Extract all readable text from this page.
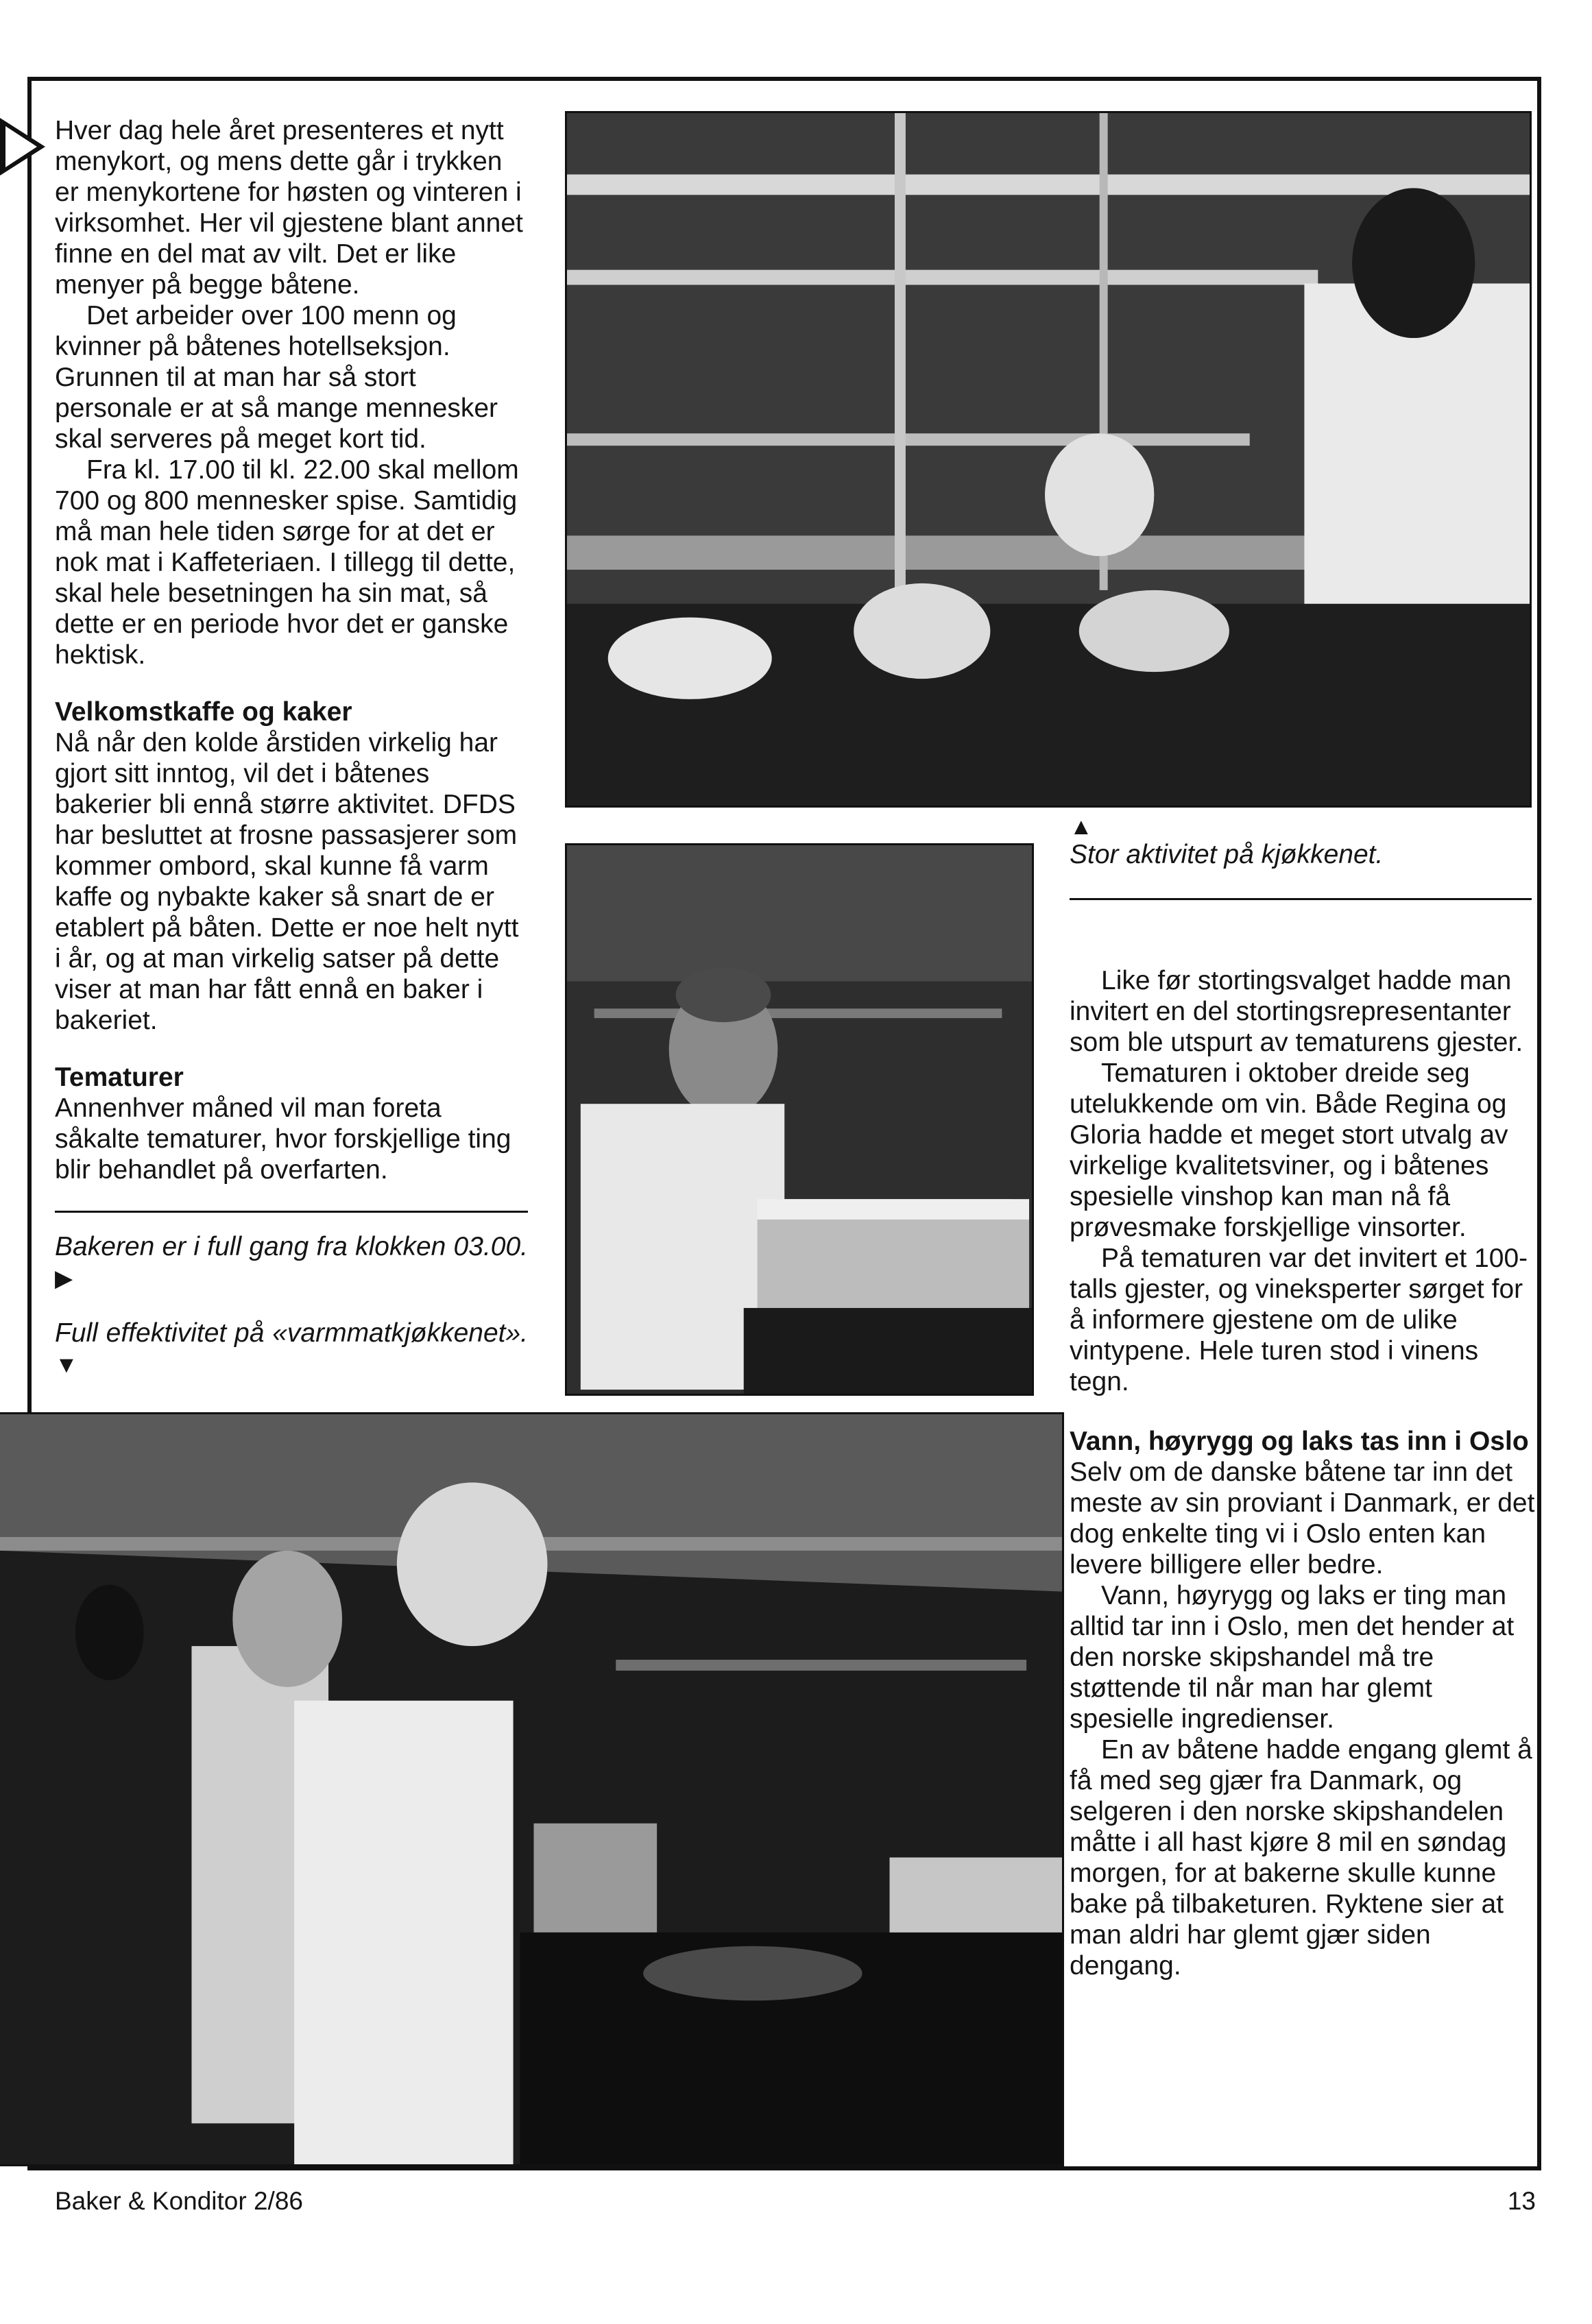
Hver dag hele året presenteres et nytt menykort, og mens dette går i trykken er menykortene for høsten og vinteren i virksomhet. Her vil gjestene blant annet finne en del mat av vilt. Det er like menyer på begge båtene.

Det arbeider over 100 menn og kvinner på båtenes hotellseksjon. Grunnen til at man har så stort personale er at så mange mennesker skal serveres på meget kort tid.

Fra kl. 17.00 til kl. 22.00 skal mellom 700 og 800 mennesker spise. Samtidig må man hele tiden sørge for at det er nok mat i Kaffeteriaen. I tillegg til dette, skal hele besetningen ha sin mat, så dette er en periode hvor det er ganske hektisk.

Velkomstkaffe og kaker

Nå når den kolde årstiden virkelig har gjort sitt inntog, vil det i båtenes bakerier bli ennå større aktivitet. DFDS har besluttet at frosne passasjerer som kommer ombord, skal kunne få varm kaffe og nybakte kaker så snart de er etablert på båten. Dette er noe helt nytt i år, og at man virkelig satser på dette viser at man har fått ennå en baker i bakeriet.

Tematurer

Annenhver måned vil man foreta såkalte tematurer, hvor forskjellige ting blir behandlet på overfarten.

Bakeren er i full gang fra klokken 03.00. ▶
Full effektivitet på «varmmatkjøkkenet». ▼
▲
Stor aktivitet på kjøkkenet.

Like før stortingsvalget hadde man invitert en del stortingsrepresentanter som ble utspurt av tematurens gjester.

Tematuren i oktober dreide seg utelukkende om vin. Både Regina og Gloria hadde et meget stort utvalg av virkelige kvalitetsviner, og i båtenes spesielle vinshop kan man nå få prøvesmake forskjellige vinsorter.

På tematuren var det invitert et 100-talls gjester, og vineksperter sørget for å informere gjestene om de ulike vintypene. Hele turen stod i vinens tegn.

Vann, høyrygg og laks tas inn i Oslo

Selv om de danske båtene tar inn det meste av sin proviant i Danmark, er det dog enkelte ting vi i Oslo enten kan levere billigere eller bedre.

Vann, høyrygg og laks er ting man alltid tar inn i Oslo, men det hender at den norske skipshandel må tre støttende til når man har glemt spesielle ingredienser.

En av båtene hadde engang glemt å få med seg gjær fra Danmark, og selgeren i den norske skipshandelen måtte i all hast kjøre 8 mil en søndag morgen, for at bakerne skulle kunne bake på tilbaketuren. Ryktene sier at man aldri har glemt gjær siden dengang.

Baker & Konditor 2/86	13
